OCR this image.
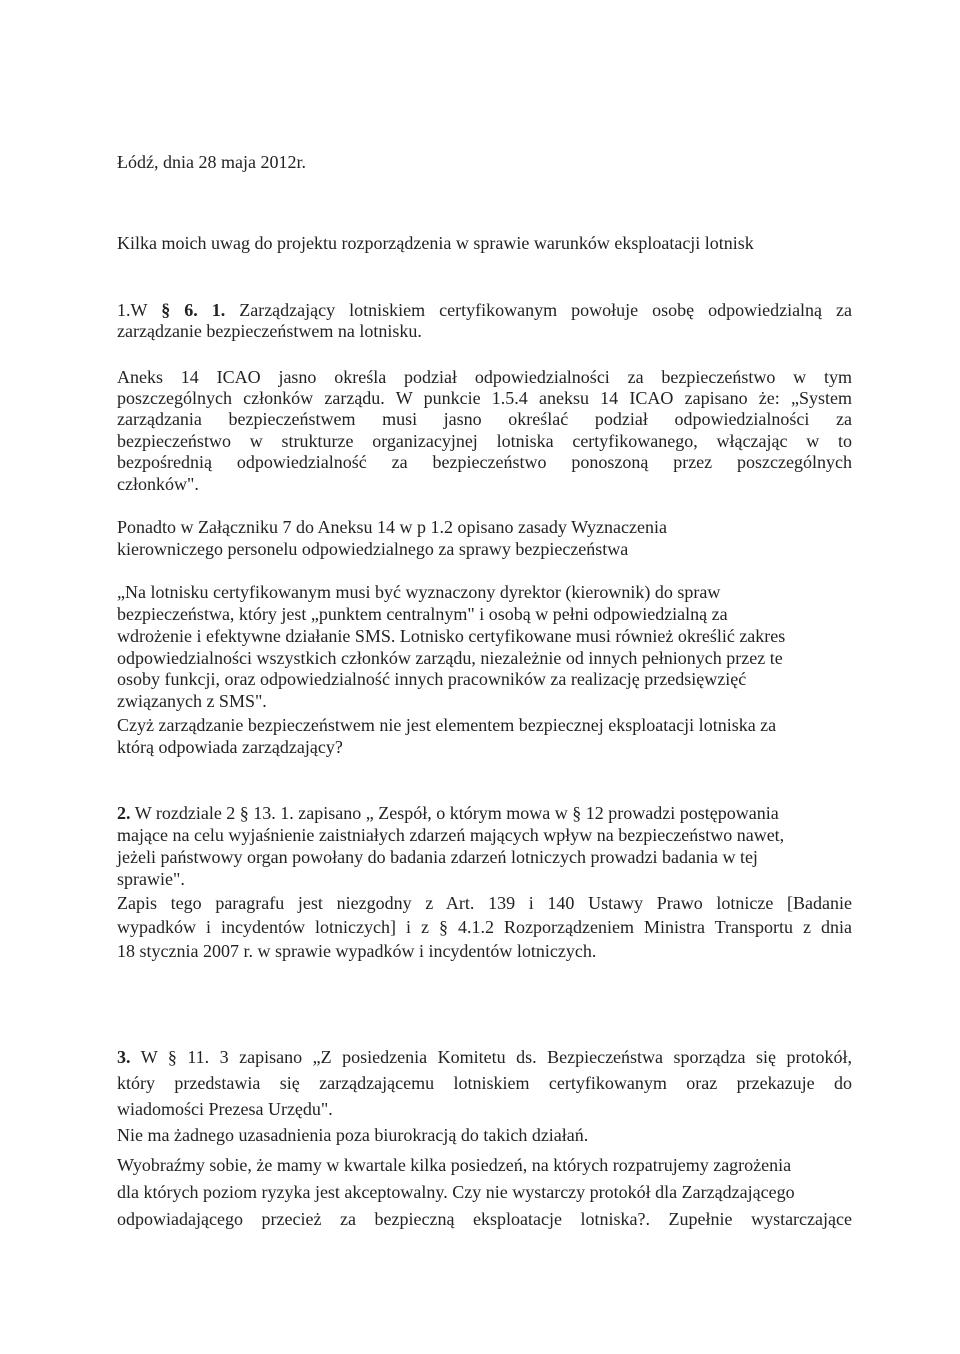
Łódź, dnia 28 maja 2012r.
Kilka moich uwag do projektu rozporządzenia w sprawie warunków eksploatacji lotnisk
1.W § 6. 1. Zarządzający lotniskiem certyfikowanym powołuje osobę odpowiedzialną za
zarządzanie bezpieczeństwem na lotnisku.
Aneks 14 ICAO jasno określa podział odpowiedzialności za bezpieczeństwo w tym
poszczególnych członków zarządu. W punkcie 1.5.4 aneksu 14 ICAO zapisano że: „System
zarządzania bezpieczeństwem musi jasno określać podział odpowiedzialności za
bezpieczeństwo w strukturze organizacyjnej lotniska certyfikowanego, włączając w to
bezpośrednią odpowiedzialność za bezpieczeństwo ponoszoną przez poszczególnych
członków".
Ponadto w Załączniku 7 do Aneksu 14 w p 1.2 opisano zasady Wyznaczenia
kierowniczego personelu odpowiedzialnego za sprawy bezpieczeństwa
„Na lotnisku certyfikowanym musi być wyznaczony dyrektor (kierownik) do spraw
bezpieczeństwa, który jest „punktem centralnym" i osobą w pełni odpowiedzialną za
wdrożenie i efektywne działanie SMS. Lotnisko certyfikowane musi również określić zakres
odpowiedzialności wszystkich członków zarządu, niezależnie od innych pełnionych przez te
osoby funkcji, oraz odpowiedzialność innych pracowników za realizację przedsięwzięć
związanych z SMS".
Czyż zarządzanie bezpieczeństwem nie jest elementem bezpiecznej eksploatacji lotniska za
którą odpowiada zarządzający?
2. W rozdziale 2 § 13. 1. zapisano „ Zespół, o którym mowa w § 12 prowadzi postępowania
mające na celu wyjaśnienie zaistniałych zdarzeń mających wpływ na bezpieczeństwo nawet,
jeżeli państwowy organ powołany do badania zdarzeń lotniczych prowadzi badania w tej
sprawie".
Zapis tego paragrafu jest niezgodny z Art. 139 i 140 Ustawy Prawo lotnicze [Badanie
wypadków i incydentów lotniczych] i z § 4.1.2 Rozporządzeniem Ministra Transportu z dnia
18 stycznia 2007 r. w sprawie wypadków i incydentów lotniczych.
3. W § 11. 3 zapisano „Z posiedzenia Komitetu ds. Bezpieczeństwa sporządza się protokół,
który przedstawia się zarządzającemu lotniskiem certyfikowanym oraz przekazuje do
wiadomości Prezesa Urzędu".
Nie ma żadnego uzasadnienia poza biurokracją do takich działań.
Wyobraźmy sobie, że mamy w kwartale kilka posiedzeń, na których rozpatrujemy zagrożenia
dla których poziom ryzyka jest akceptowalny. Czy nie wystarczy protokół dla Zarządzającego
odpowiadającego przecież za bezpieczną eksploatacje lotniska?. Zupełnie wystarczające
